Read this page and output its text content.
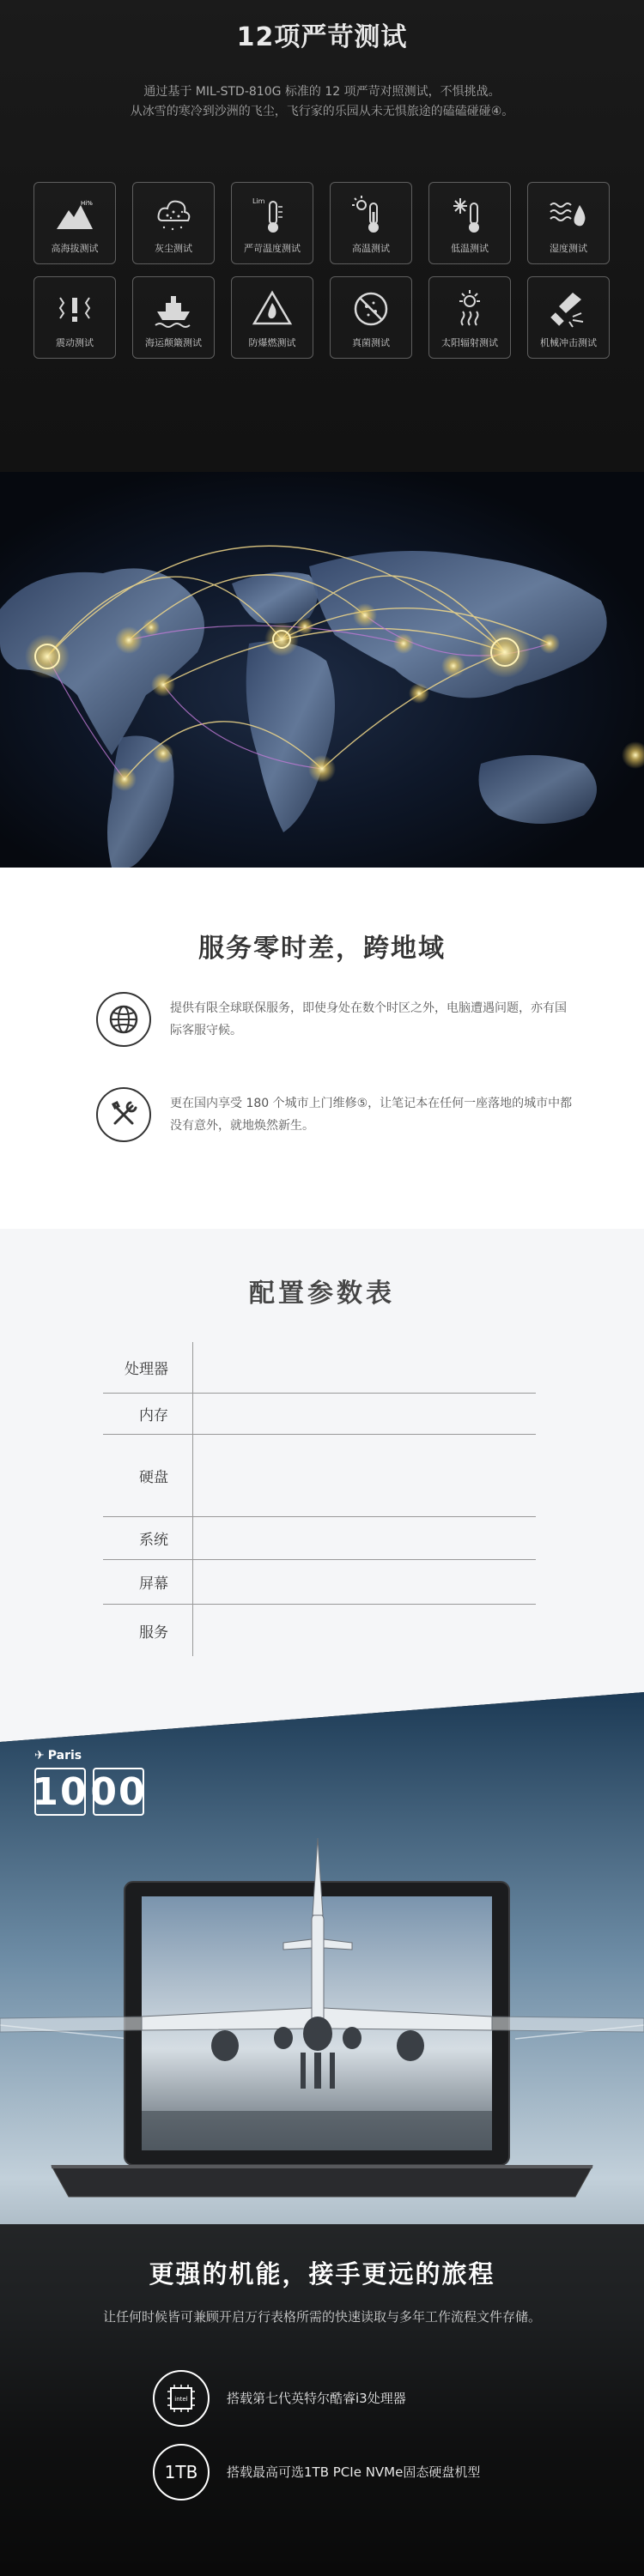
12项严苛测试
通过基于 MIL-STD-810G 标准的 12 项严苛对照测试，不惧挑战。
从冰雪的寒冷到沙洲的飞尘，飞行家的乐园从未无惧旅途的磕磕碰碰④。
Hi%
高海拔测试	灰尘测试
Lim
严苛温度测试	高温测试	低温测试	湿度测试
震动测试	海运颠簸测试	防爆燃测试	真菌测试	太阳辐射测试	机械冲击测试
服务零时差，跨地域
提供有限全球联保服务，即使身处在数个时区之外，电脑遭遇问题，亦有国际客服守候。
更在国内享受 180 个城市上门维修⑤，让笔记本在任何一座落地的城市中都没有意外，就地焕然新生。
配置参数表
处理器
内存
硬盘
系统
屏幕
服务
✈ Paris
10 00
更强的机能，接手更远的旅程

让任何时候皆可兼顾开启万行表格所需的快速读取与多年工作流程文件存储。

intel	搭载第七代英特尔酷睿i3处理器
1TB	搭载最高可选1TB PCIe NVMe固态硬盘机型
